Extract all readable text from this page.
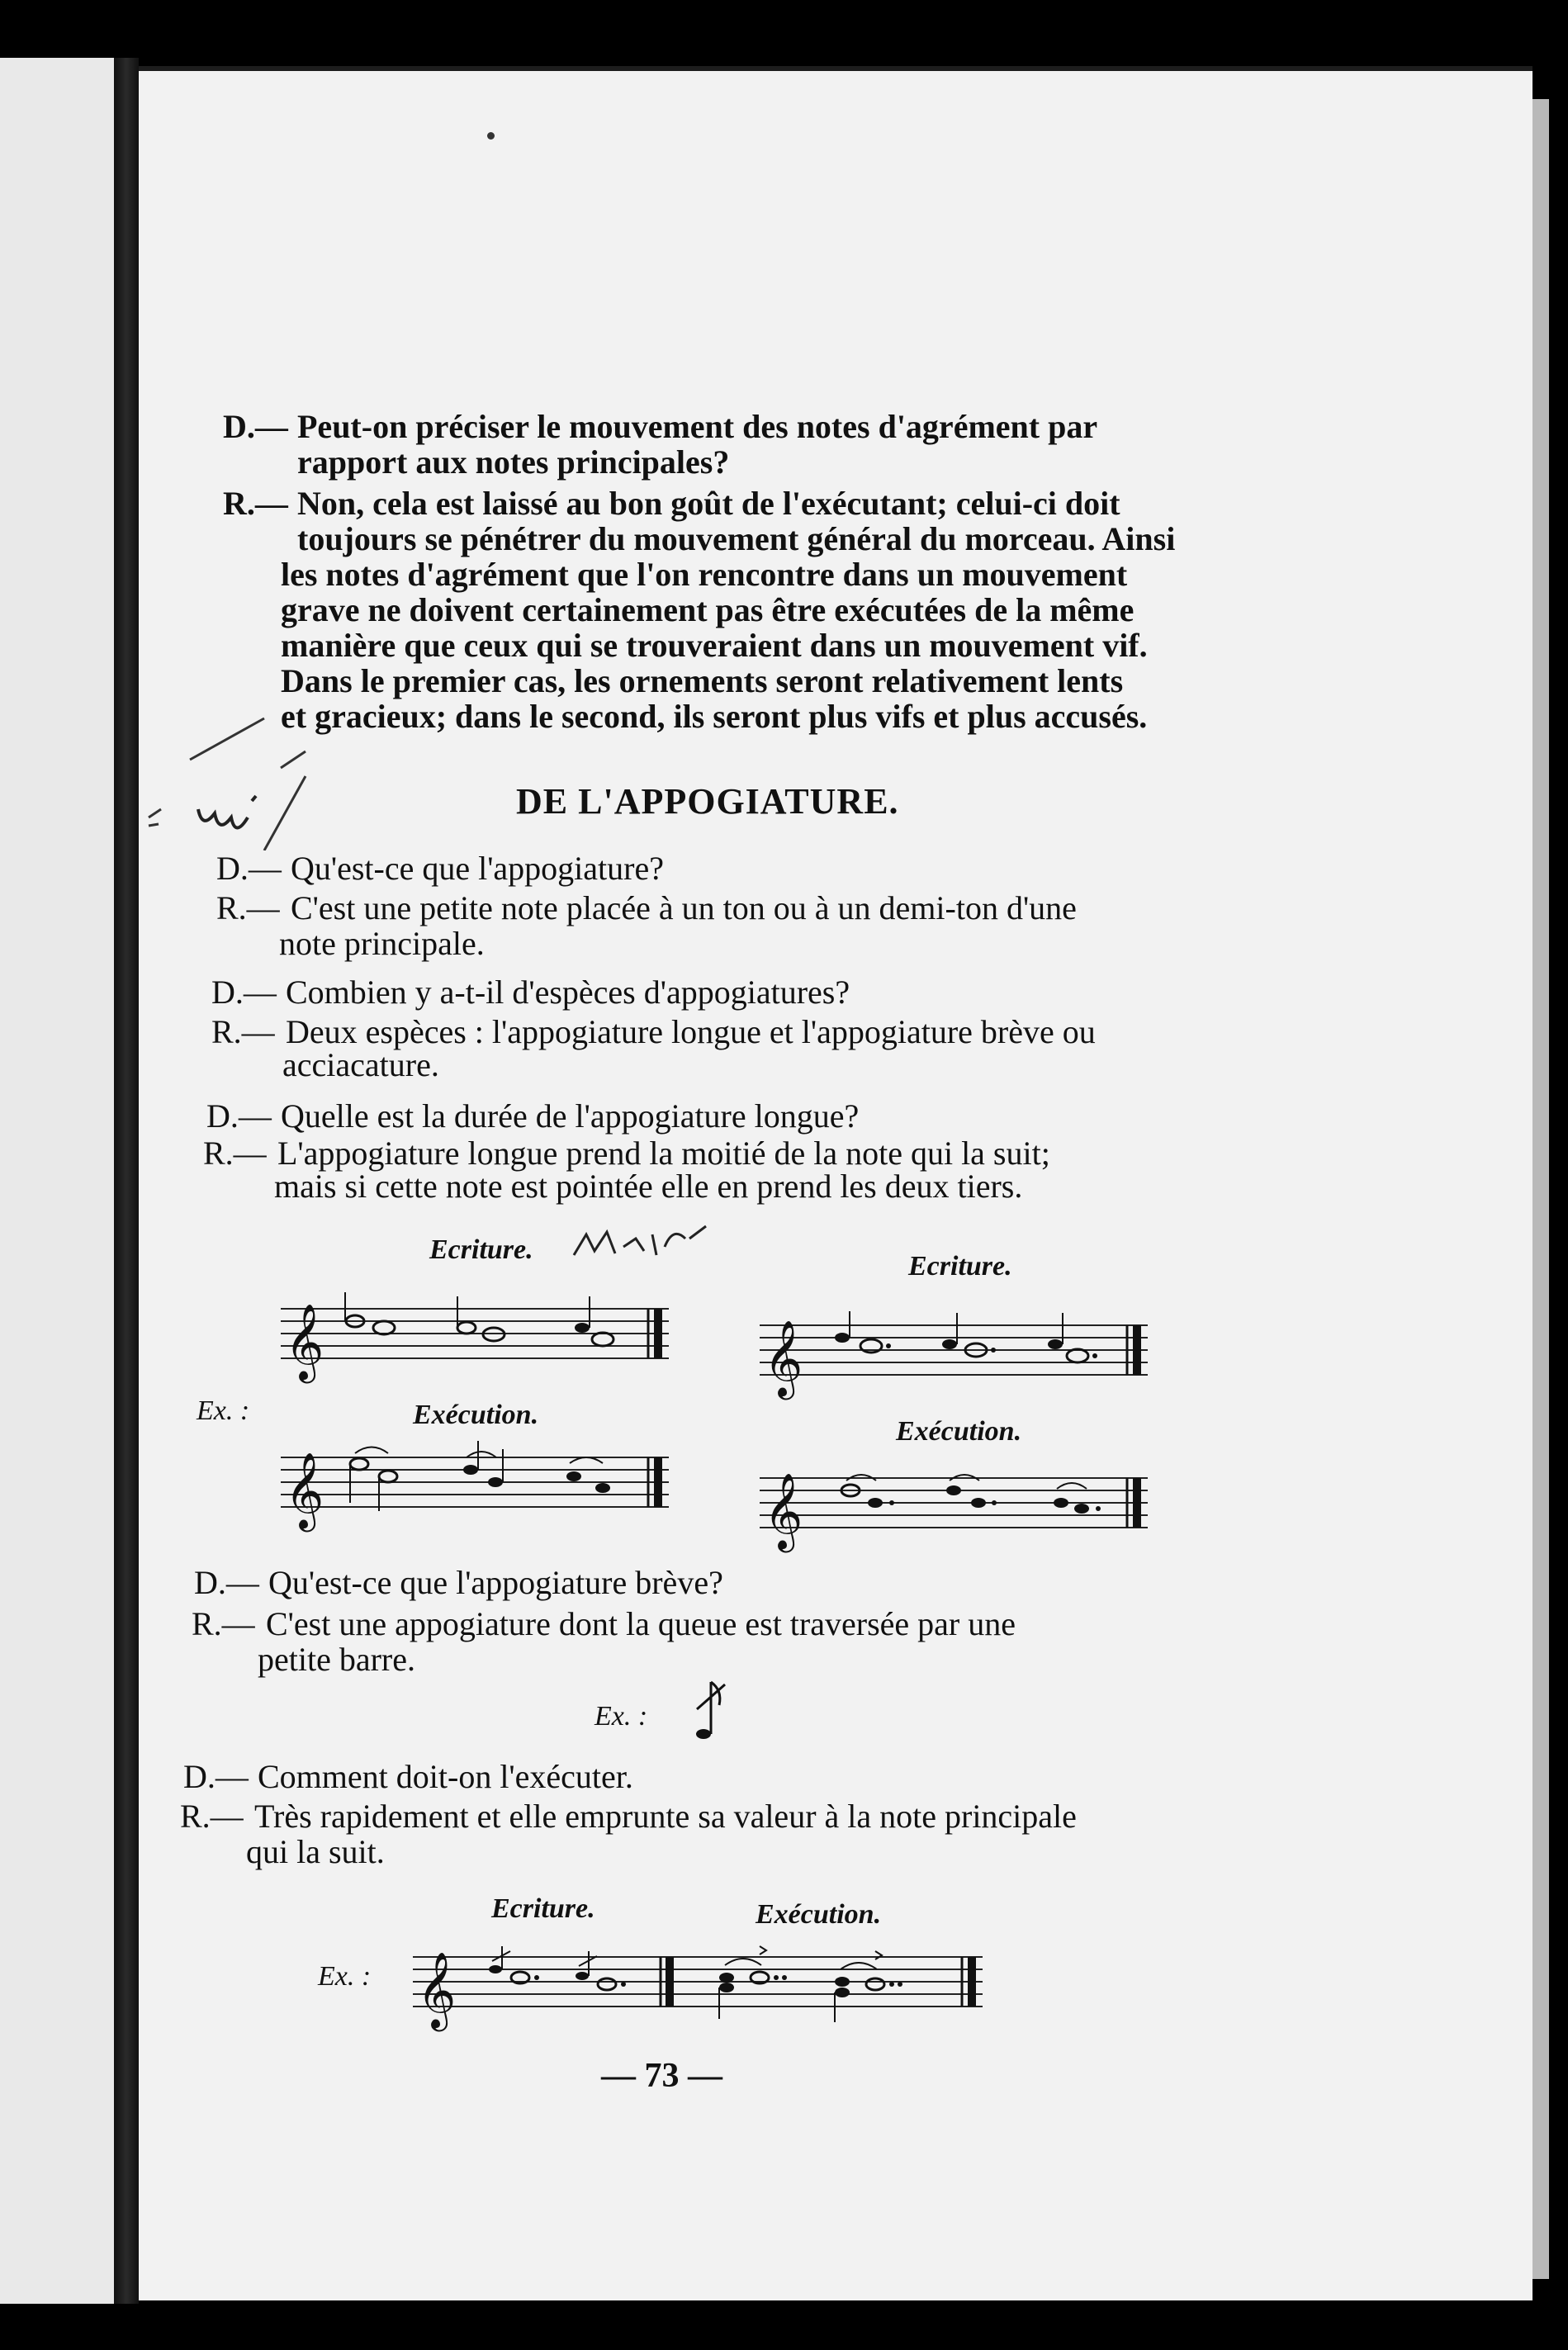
D.— Peut-on préciser le mouvement des notes d'agrément par
rapport aux notes principales?
R.— Non, cela est laissé au bon goût de l'exécutant; celui-ci doit
toujours se pénétrer du mouvement général du morceau. Ainsi
les notes d'agrément que l'on rencontre dans un mouvement
grave ne doivent certainement pas être exécutées de la même
manière que ceux qui se trouveraient dans un mouvement vif.
Dans le premier cas, les ornements seront relativement lents
et gracieux; dans le second, ils seront plus vifs et plus accusés.
DE L'APPOGIATURE.
D.— Qu'est-ce que l'appogiature?
R.— C'est une petite note placée à un ton ou à un demi-ton d'une
note principale.
D.— Combien y a-t-il d'espèces d'appogiatures?
R.— Deux espèces : l'appogiature longue et l'appogiature brève ou
acciacature.
D.— Quelle est la durée de l'appogiature longue?
R.— L'appogiature longue prend la moitié de la note qui la suit;
mais si cette note est pointée elle en prend les deux tiers.
Ecriture.
Ecriture.
Ex. :	Exécution.
Exécution.
𝄞	𝄞
𝄞	𝄞
D.— Qu'est-ce que l'appogiature brève?
R.— C'est une appogiature dont la queue est traversée par une
petite barre.
Ex. :
D.— Comment doit-on l'exécuter.
R.— Très rapidement et elle emprunte sa valeur à la note principale
qui la suit.
Ecriture.	Exécution.
Ex. : 𝄞
— 73 —
